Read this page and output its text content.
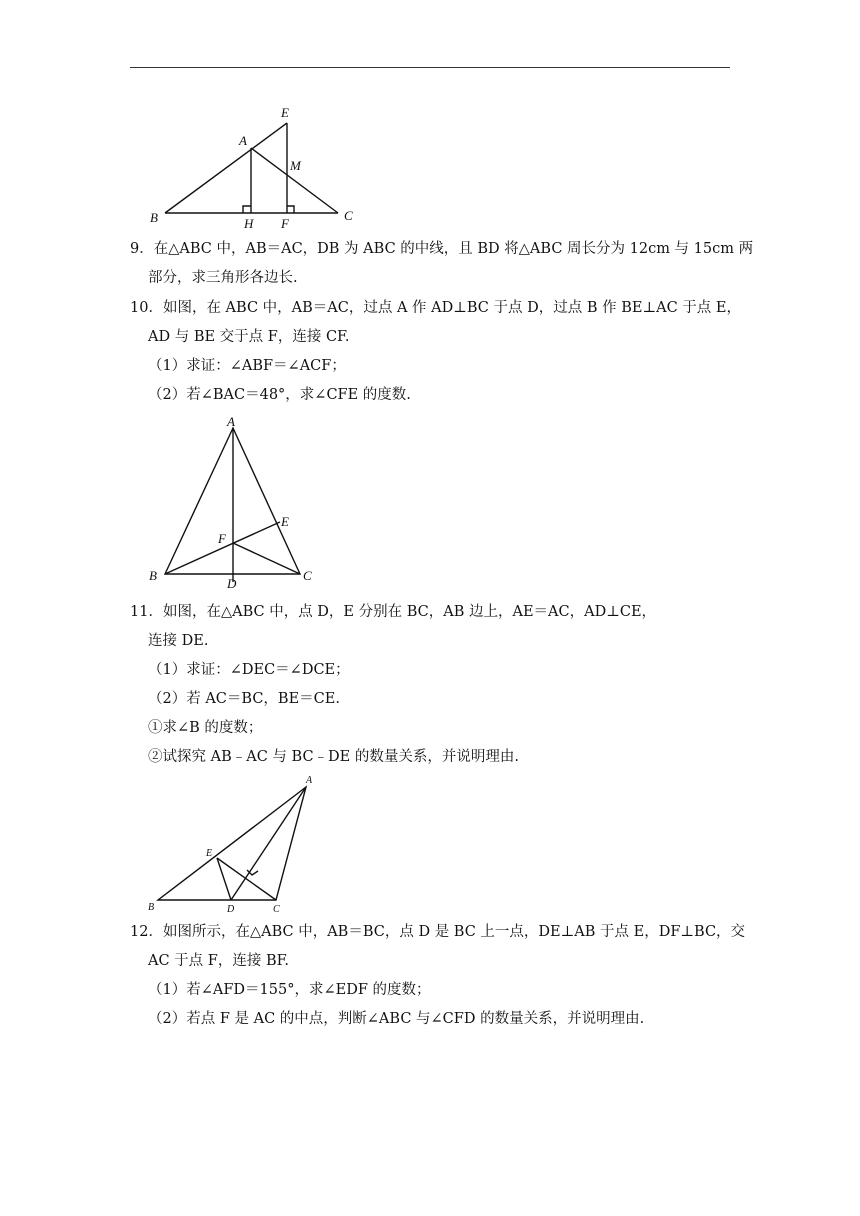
E
A
M
B	H F
C
9．在△ABC 中，AB＝AC，DB 为 ABC 的中线，且 BD 将△ABC 周长分为 12cm 与 15cm 两
部分，求三角形各边长.
10．如图，在 ABC 中，AB＝AC，过点 A 作 AD⊥BC 于点 D，过点 B 作 BE⊥AC 于点 E，
AD 与 BE 交于点 F，连接 CF.
（1）求证：∠ABF＝∠ACF；
（2）若∠BAC＝48°，求∠CFE 的度数.
A
E
F
B	C
D
11．如图，在△ABC 中，点 D，E 分别在 BC，AB 边上，AE＝AC，AD⊥CE，
连接 DE.
（1）求证：∠DEC＝∠DCE；
（2）若 AC＝BC，BE＝CE.
①求∠B 的度数；
②试探究 AB﹣AC 与 BC﹣DE 的数量关系，并说明理由.
A
E
B	D	C
12．如图所示，在△ABC 中，AB＝BC，点 D 是 BC 上一点，DE⊥AB 于点 E，DF⊥BC，交
AC 于点 F，连接 BF.
（1）若∠AFD＝155°，求∠EDF 的度数；
（2）若点 F 是 AC 的中点，判断∠ABC 与∠CFD 的数量关系，并说明理由.
